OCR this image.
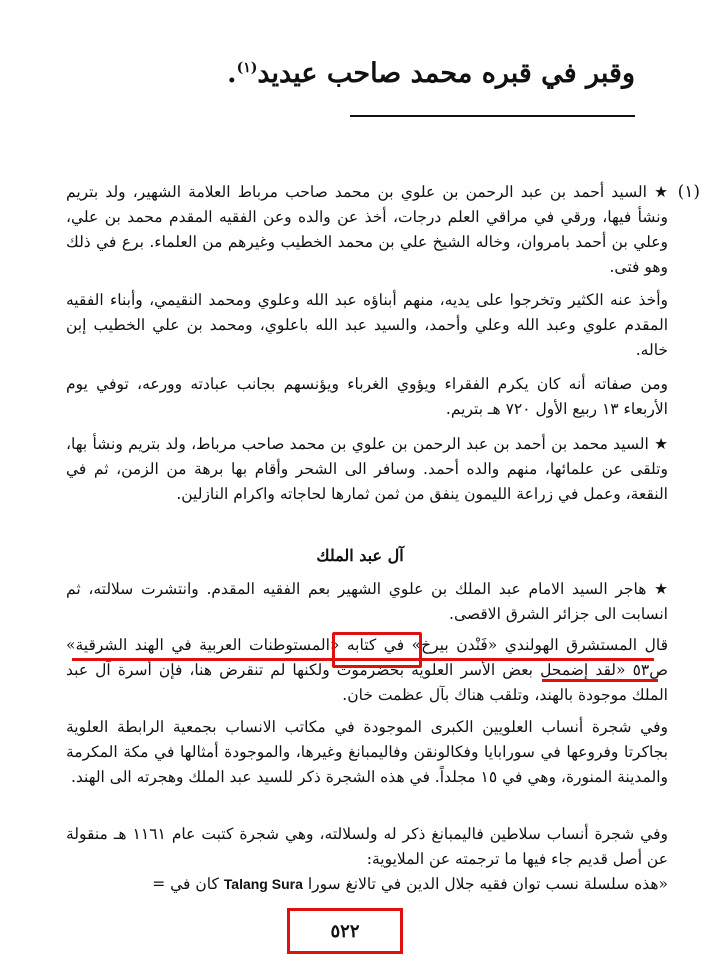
وقبر في قبره محمد صاحب عيديد$^{(١)}$.
(١)

★ السيد أحمد بن عبد الرحمن بن علوي بن محمد صاحب مرباط العلامة الشهير، ولد بتريم ونشأ فيها، ورقي في مراقي العلم درجات، أخذ عن والده وعن الفقيه المقدم محمد بن علي، وعلي بن أحمد بامروان، وخاله الشيخ علي بن محمد الخطيب وغيرهم من العلماء. برع في ذلك وهو فتى.

وأخذ عنه الكثير وتخرجوا على يديه، منهم أبناؤه عبد الله وعلوي ومحمد النقيمي، وأبناء الفقيه المقدم علوي وعبد الله وعلي وأحمد، والسيد عبد الله باعلوي، ومحمد بن علي الخطيب إبن خاله.

ومن صفاته أنه كان يكرم الفقراء ويؤوي الغرباء ويؤنسهم بجانب عبادته وورعه، توفي يوم الأربعاء ١٣ ربيع الأول ٧٢٠ هـ بتريم.

★ السيد محمد بن أحمد بن عبد الرحمن بن علوي بن محمد صاحب مرباط، ولد بتريم ونشأ بها، وتلقى عن علمائها، منهم والده أحمد. وسافر الى الشحر وأقام بها برهة من الزمن، ثم في النقعة، وعمل في زراعة الليمون ينفق من ثمن ثمارها لحاجاته واكرام النازلين.

آل عبد الملك

★ هاجر السيد الامام عبد الملك بن علوي الشهير بعم الفقيه المقدم. وانتشرت سلالته، ثم انسابت الى جزائر الشرق الاقصى.

قال المستشرق الهولندي «فَنْدن بيرخ» في كتابه «المستوطنات العربية في الهند الشرقية» ص٥٣ «لقد إضمحل بعض الأسر العلوية بحضرموت ولكنها لم تنقرض هنا، فإن أسرة آل عبد الملك موجودة بالهند، وتلقب هناك بآل عظمت خان.

وفي شجرة أنساب العلويين الكبرى الموجودة في مكاتب الانساب بجمعية الرابطة العلوية بجاكرتا وفروعها في سورابايا وفكالونقن وفاليمبانغ وغيرها، والموجودة أمثالها في مكة المكرمة والمدينة المنورة، وهي في ١٥ مجلداً. في هذه الشجرة ذكر للسيد عبد الملك وهجرته الى الهند.

وفي شجرة أنساب سلاطين فاليمبانغ ذكر له ولسلالته، وهي شجرة كتبت عام ١١٦١ هـ منقولة عن أصل قديم جاء فيها ما ترجمته عن الملايوية:

«هذه سلسلة نسب توان فقيه جلال الدين في تالانغ سورا Talang Sura كان في =

٥٢٢
